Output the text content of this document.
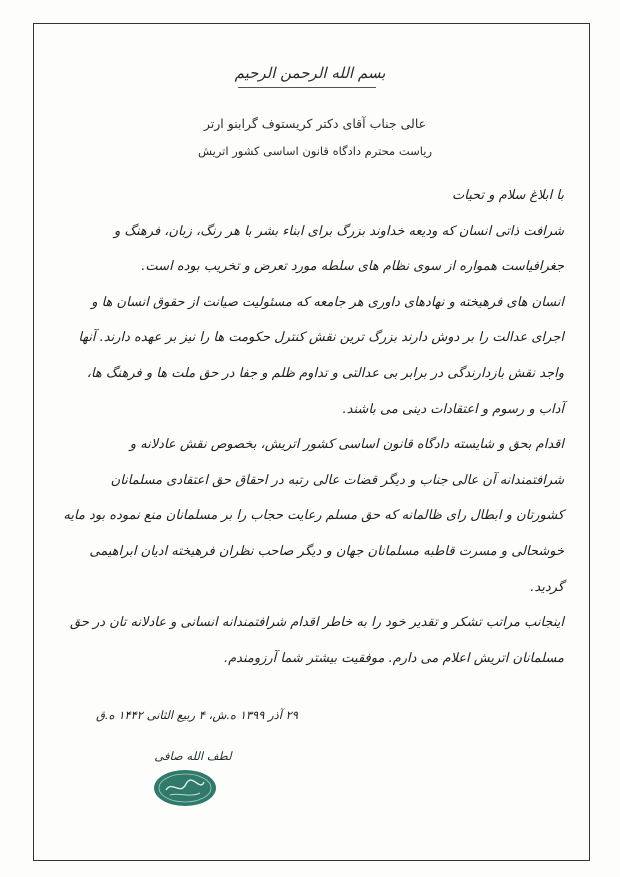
بسم الله الرحمن الرحیم
عالی جناب آقای دکتر کریستوف گرابنو ارتر
ریاست محترم دادگاه قانون اساسی کشور اتریش

با ابلاغ سلام و تحیات

شرافت ذاتی انسان که ودیعه خداوند بزرگ برای ابناء بشر با هر رنگ، زبان، فرهنگ و جغرافیاست همواره از سوی نظام های سلطه مورد تعرض و تخریب بوده است.

انسان های فرهیخته و نهادهای داوری هر جامعه که مسئولیت صیانت از حقوق انسان ها و اجرای عدالت را بر دوش دارند بزرگ ترین نقش کنترل حکومت ها را نیز بر عهده دارند. آنها واجد نقش بازدارندگی در برابر بی عدالتی و تداوم ظلم و جفا در حق ملت ها و فرهنگ ها، آداب و رسوم و اعتقادات دینی می باشند.

اقدام بحق و شایسته دادگاه قانون اساسی کشور اتریش، بخصوص نقش عادلانه و شرافتمندانه آن عالی جناب و دیگر قضات عالی رتبه در احقاق حق اعتقادی مسلمانان کشورتان و ابطال رای ظالمانه که حق مسلم رعایت حجاب را بر مسلمانان منع نموده بود مایه خوشحالی و مسرت قاطبه مسلمانان جهان و دیگر صاحب نظران فرهیخته ادیان ابراهیمی گردید.

اینجانب مراتب تشکر و تقدیر خود را به خاطر اقدام شرافتمندانه انسانی و عادلانه تان در حق مسلمانان اتریش اعلام می دارم. موفقیت بیشتر شما آرزومندم.

۲۹ آذر ۱۳۹۹ ه.ش، ۴ ربیع الثانی ۱۴۴۲ ه.ق
لطف الله صافی
